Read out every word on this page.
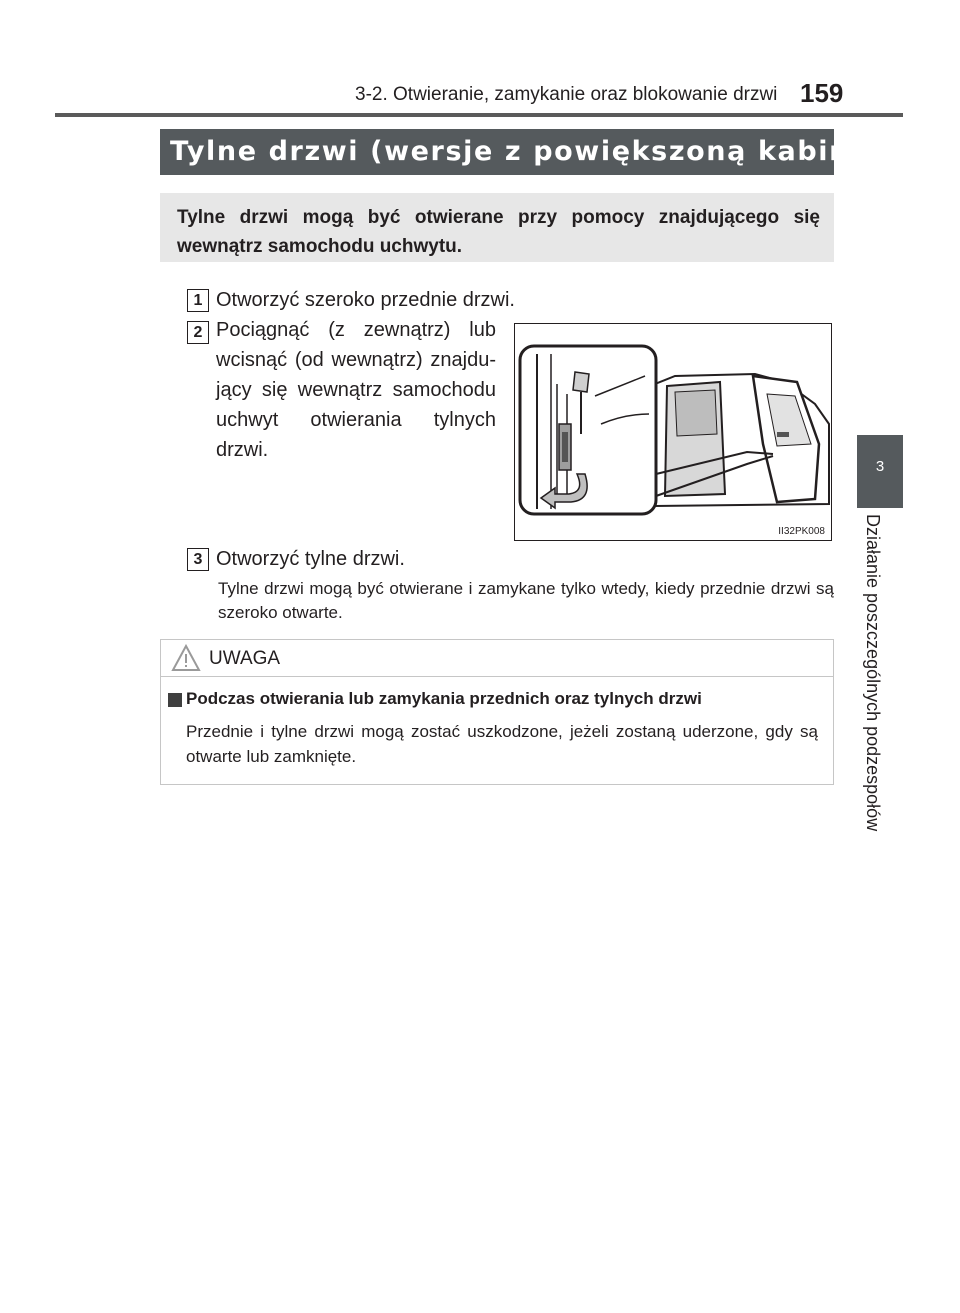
3-2. Otwieranie, zamykanie oraz blokowanie drzwi 159
Tylne drzwi (wersje z powiększoną kabiną)
Tylne drzwi mogą być otwierane przy pomocy znajdującego się wewnątrz samochodu uchwytu.
1 Otworzyć szeroko przednie drzwi.
2 Pociągnąć (z zewnątrz) lub wcisnąć (od wewnątrz) znajdu-jący się wewnątrz samochodu uchwyt otwierania tylnych drzwi.
II32PK008
3 Otworzyć tylne drzwi.
Tylne drzwi mogą być otwierane i zamykane tylko wtedy, kiedy przednie drzwi są szeroko otwarte.
UWAGA
Podczas otwierania lub zamykania przednich oraz tylnych drzwi
Przednie i tylne drzwi mogą zostać uszkodzone, jeżeli zostaną uderzone, gdy są otwarte lub zamknięte.
3
Działanie poszczególnych podzespołów
